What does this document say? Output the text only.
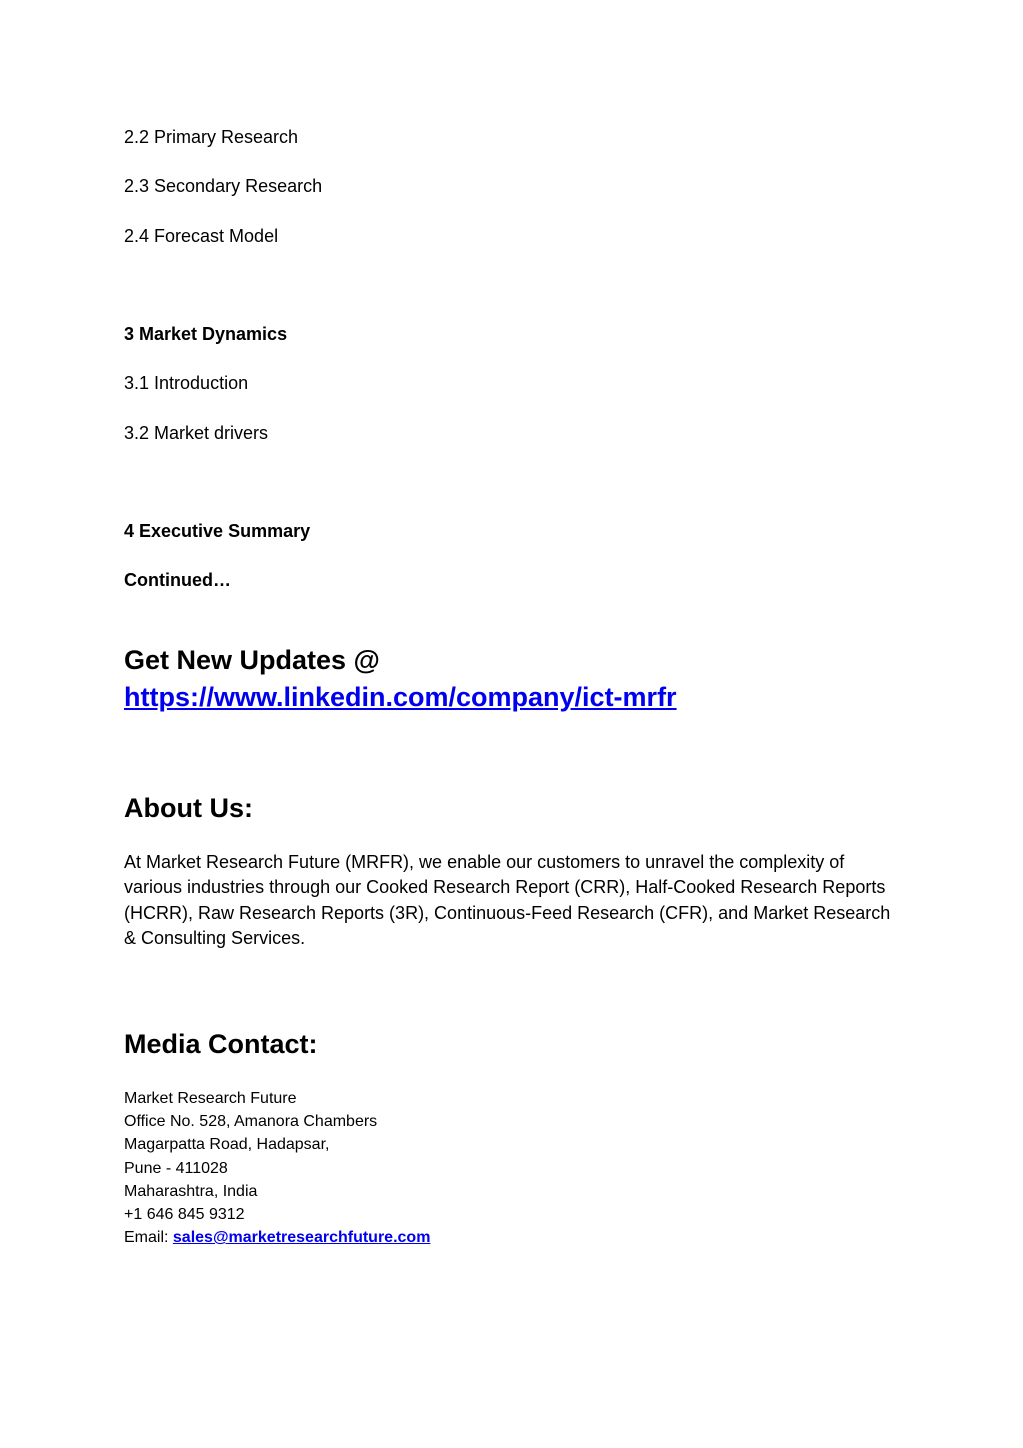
2.2 Primary Research
2.3 Secondary Research
2.4 Forecast Model
3 Market Dynamics
3.1 Introduction
3.2 Market drivers
4 Executive Summary
Continued…
Get New Updates @
https://www.linkedin.com/company/ict-mrfr
About Us:
At Market Research Future (MRFR), we enable our customers to unravel the complexity of various industries through our Cooked Research Report (CRR), Half-Cooked Research Reports (HCRR), Raw Research Reports (3R), Continuous-Feed Research (CFR), and Market Research & Consulting Services.
Media Contact:
Market Research Future
Office No. 528, Amanora Chambers
Magarpatta Road, Hadapsar,
Pune - 411028
Maharashtra, India
+1 646 845 9312
Email: sales@marketresearchfuture.com
